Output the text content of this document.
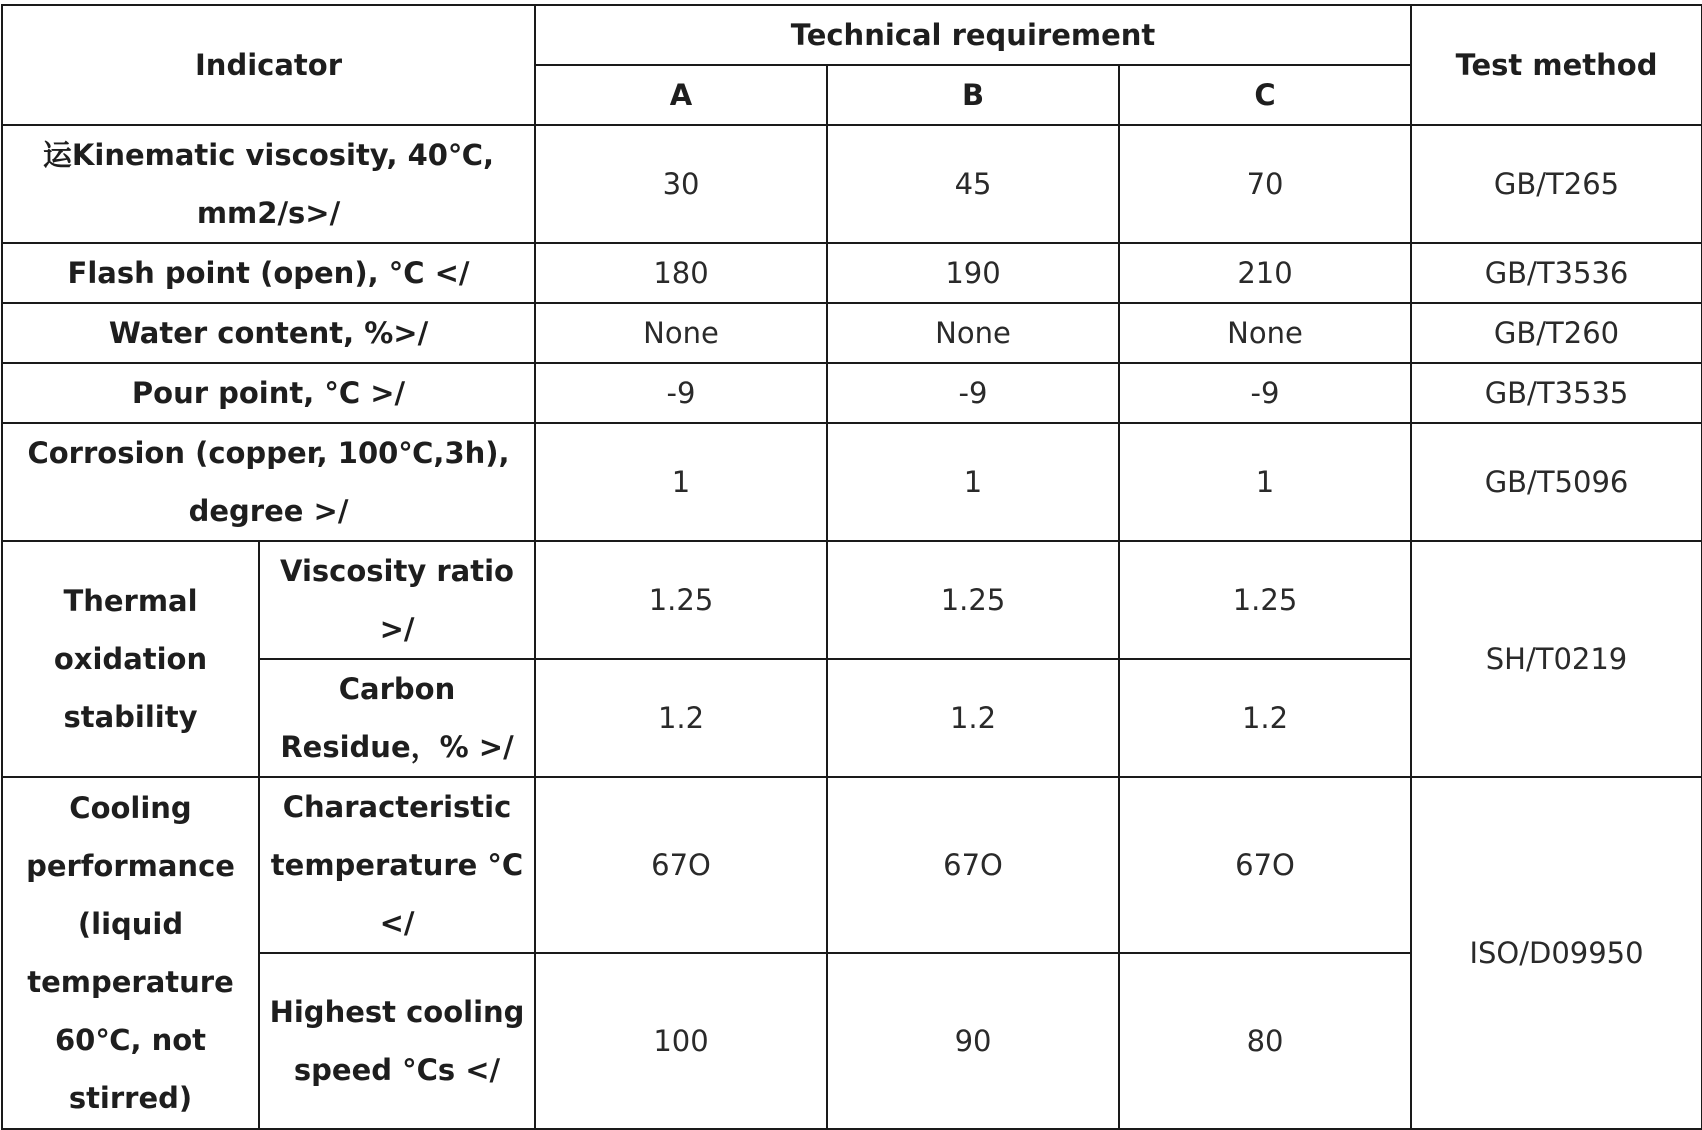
Indicator		Technical requirement			Test method
		A	B	C	
运Kinematic viscosity, 40℃, mm2/s>/		30	45	70	GB/T265
Flash point (open), °C </		180	190	210	GB/T3536
Water content, %>/		None	None	None	GB/T260
Pour point, °C >/		-9	-9	-9	GB/T3535
Corrosion (copper, 100℃,3h), degree >/		1	1	1	GB/T5096
Thermal oxidation stability	Viscosity ratio >/	1.25	1.25	1.25	SH/T0219
	Carbon Residue，% >/	1.2	1.2	1.2	
Cooling performance (liquid temperature 60℃, not stirred)	Characteristic temperature °C </	67O	67O	67O	ISO/D09950
	Highest cooling speed °Cs </	100	90	80	
